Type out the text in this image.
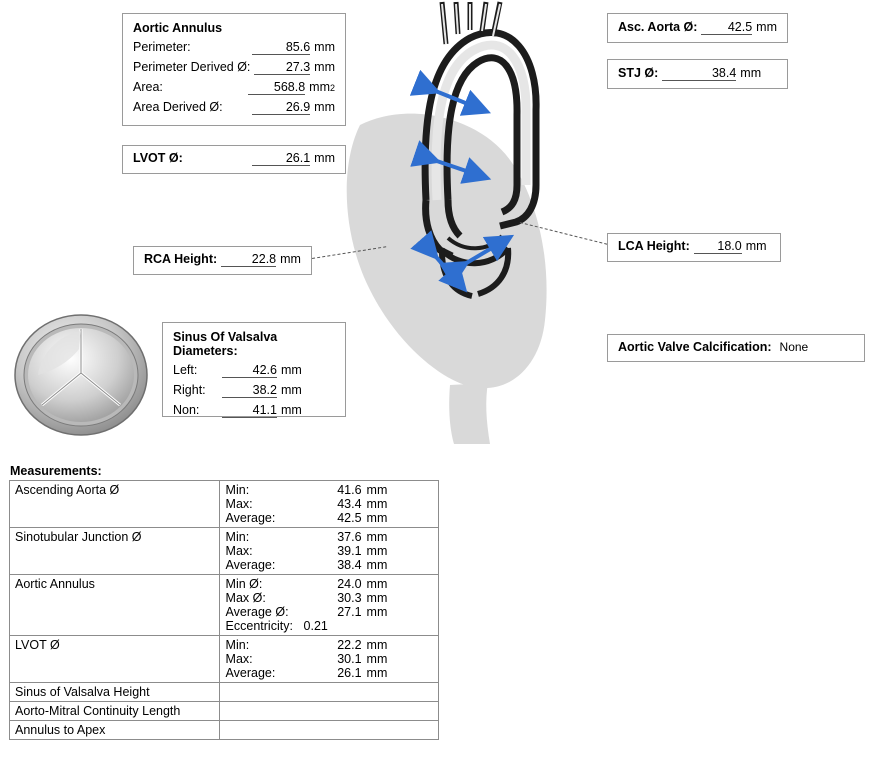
Aortic Annulus
Perimeter:	85.6 mm
Perimeter Derived Ø:	27.3 mm
Area:	568.8 mm 2
Area Derived Ø:	26.9 mm
LVOT Ø:	26.1 mm
RCA Height:	22.8 mm
Asc. Aorta Ø:	42.5 mm
STJ Ø:	38.4 mm
LCA Height:	18.0 mm
Sinus Of Valsalva Diameters:
Left:	42.6 mm
Right:	38.2 mm
Non:	41.1 mm
Aortic Valve Calcification: None
Measurements:
Ascending Aorta Ø	Min:	41.6 mm
Max:	43.4 mm
Average:	42.5 mm

Sinotubular Junction Ø	Min:	37.6 mm
Max:	39.1 mm
Average:	38.4 mm

Aortic Annulus	Min Ø:	24.0 mm
Max Ø:	30.3 mm
Average Ø:	27.1 mm
Eccentricity: 0.21

LVOT Ø	Min:	22.2 mm
Max:	30.1 mm
Average:	26.1 mm

Sinus of Valsalva Height	
Aorto-Mitral Continuity Length	
Annulus to Apex	
